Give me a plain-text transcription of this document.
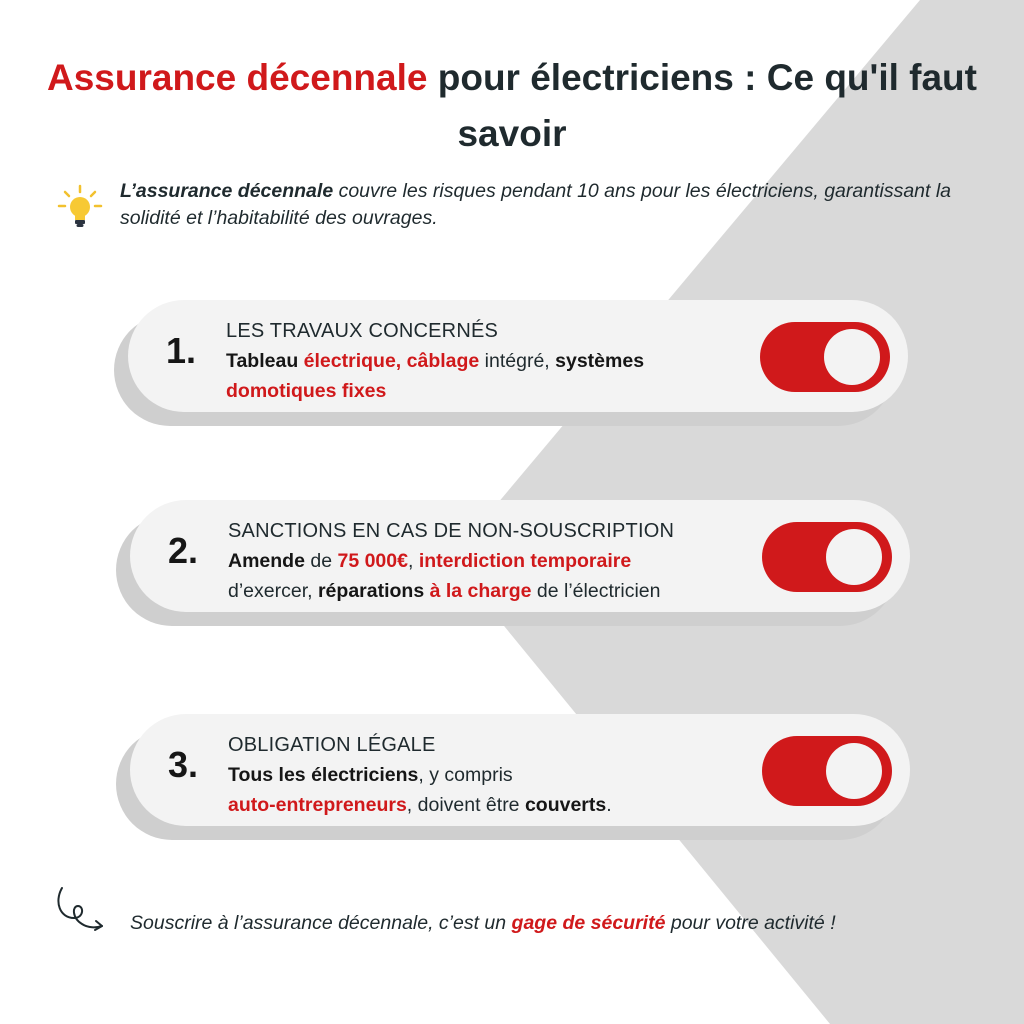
Assurance décennale pour électriciens : Ce qu'il faut savoir

L’assurance décennale couvre les risques pendant 10 ans pour les électriciens, garantissant la solidité et l’habitabilité des ouvrages.

1. LES TRAVAUX CONCERNÉS
Tableau électrique, câblage intégré, systèmes
domotiques fixes
2. SANCTIONS EN CAS DE NON-SOUSCRIPTION
Amende de 75 000€, interdiction temporaire
d’exercer, réparations à la charge de l’électricien
3. OBLIGATION LÉGALE
Tous les électriciens, y compris
auto-entrepreneurs, doivent être couverts.

Souscrire à l’assurance décennale, c’est un gage de sécurité pour votre activité !
